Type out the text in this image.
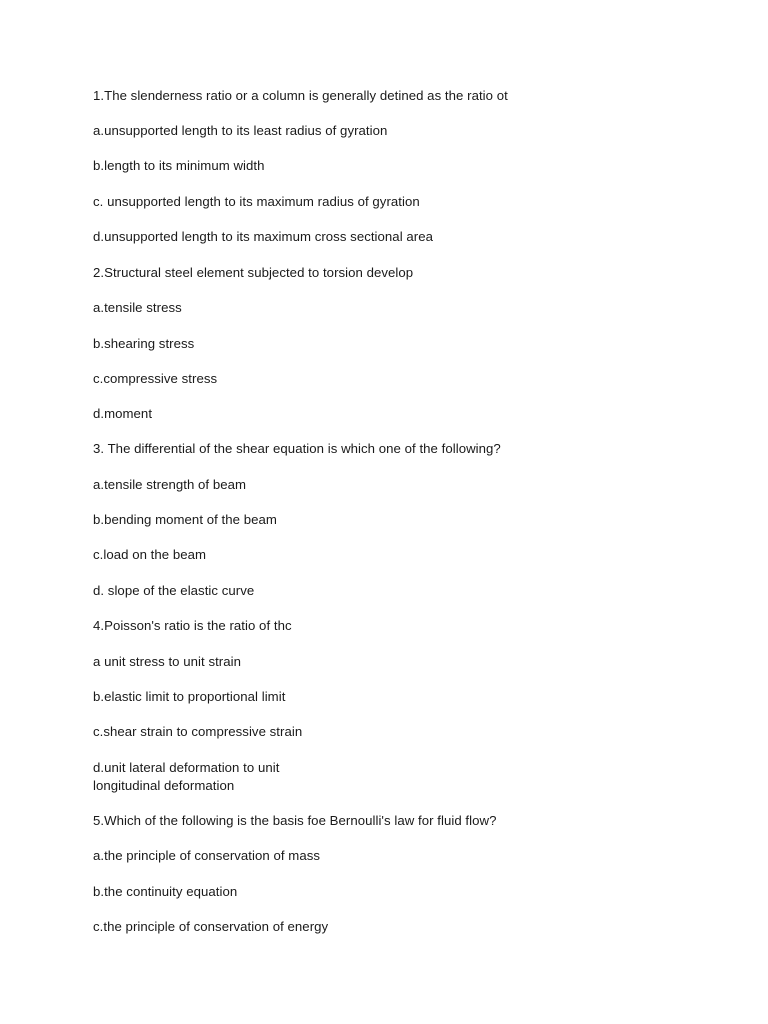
1.The slenderness ratio or a column is generally detined as the ratio ot
a.unsupported length to its least radius of gyration
b.length to its minimum width
c. unsupported length to its maximum radius of gyration
d.unsupported length to its maximum cross sectional area
2.Structural steel element subjected to torsion develop
a.tensile stress
b.shearing stress
c.compressive stress
d.moment
3. The differential of the shear equation is which one of the following?
a.tensile strength of beam
b.bending moment of the beam
c.load on the beam
d. slope of the elastic curve
4.Poisson's ratio is the ratio of thc
a unit stress to unit strain
b.elastic limit to proportional limit
c.shear strain to compressive strain
d.unit lateral deformation to unit
longitudinal deformation
5.Which of the following is the basis foe Bernoulli's law for fluid flow?
a.the principle of conservation of mass
b.the continuity equation
c.the principle of conservation of energy
